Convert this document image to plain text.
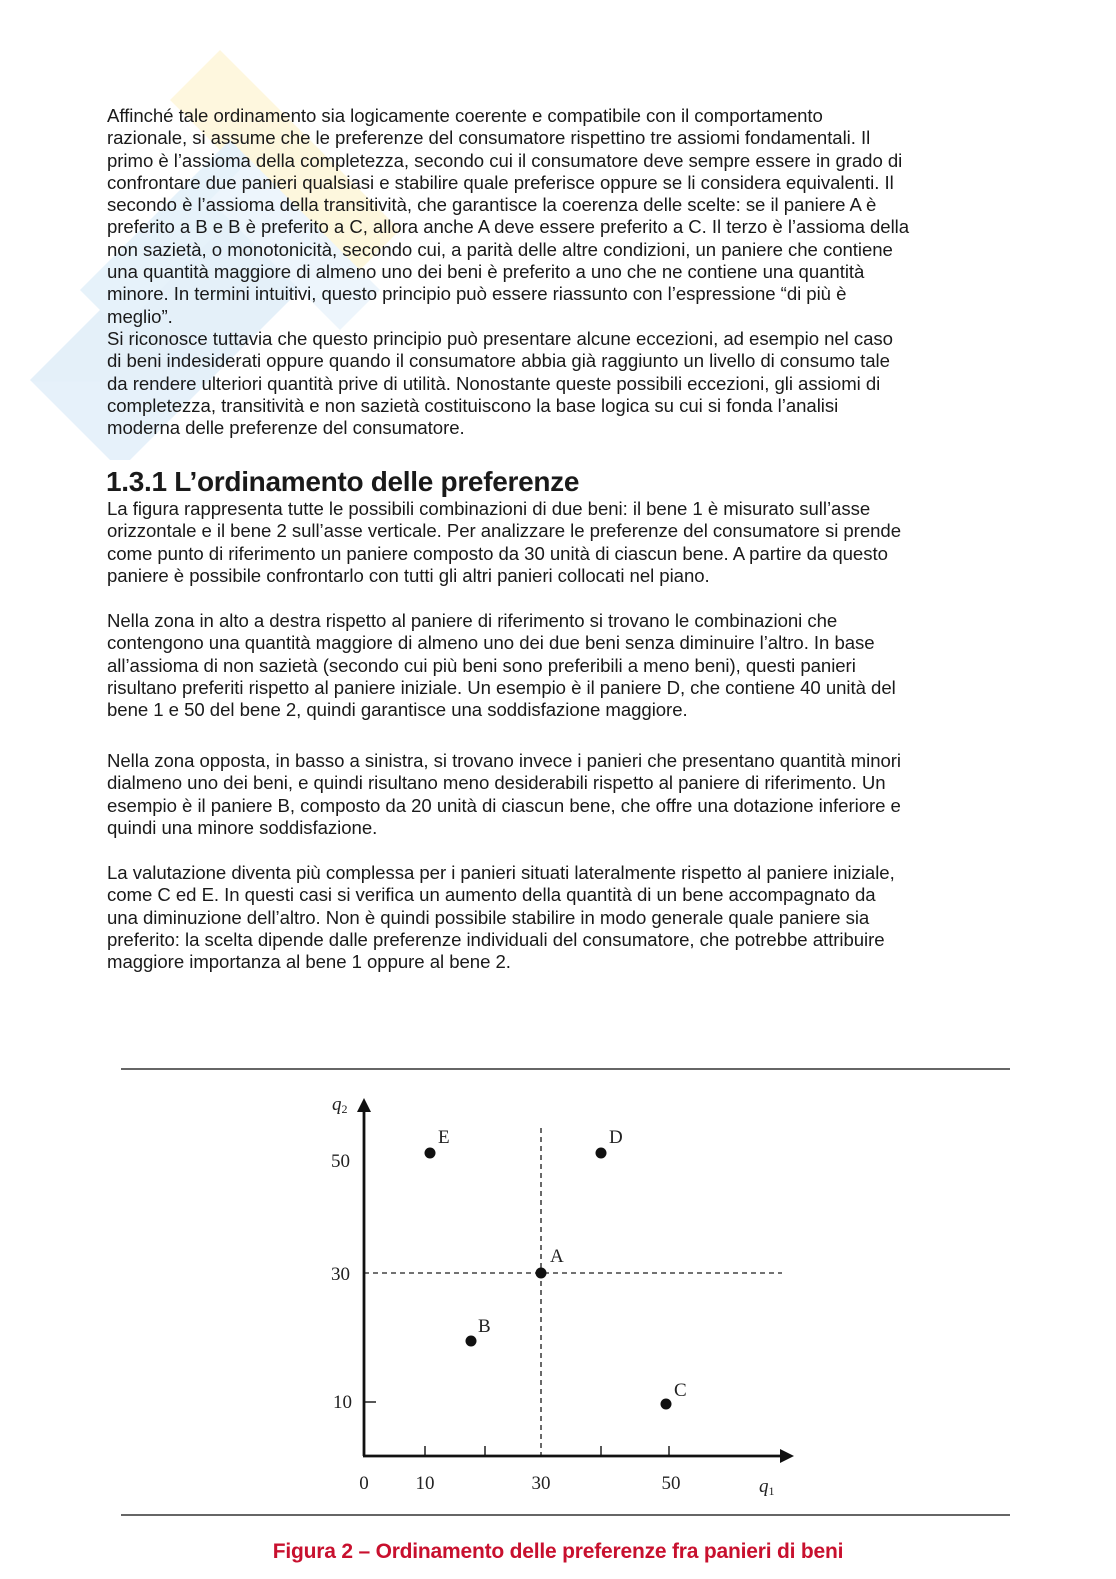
Affinché tale ordinamento sia logicamente coerente e compatibile con il comportamento
razionale, si assume che le preferenze del consumatore rispettino tre assiomi fondamentali. Il
primo è l’assioma della completezza, secondo cui il consumatore deve sempre essere in grado di
confrontare due panieri qualsiasi e stabilire quale preferisce oppure se li considera equivalenti. Il
secondo è l’assioma della transitività, che garantisce la coerenza delle scelte: se il paniere A è
preferito a B e B è preferito a C, allora anche A deve essere preferito a C. Il terzo è l’assioma della
non sazietà, o monotonicità, secondo cui, a parità delle altre condizioni, un paniere che contiene
una quantità maggiore di almeno uno dei beni è preferito a uno che ne contiene una quantità
minore. In termini intuitivi, questo principio può essere riassunto con l’espressione “di più è
meglio”.
Si riconosce tuttavia che questo principio può presentare alcune eccezioni, ad esempio nel caso
di beni indesiderati oppure quando il consumatore abbia già raggiunto un livello di consumo tale
da rendere ulteriori quantità prive di utilità. Nonostante queste possibili eccezioni, gli assiomi di
completezza, transitività e non sazietà costituiscono la base logica su cui si fonda l’analisi
moderna delle preferenze del consumatore.
1.3.1 L’ordinamento delle preferenze
La figura rappresenta tutte le possibili combinazioni di due beni: il bene 1 è misurato sull’asse
orizzontale e il bene 2 sull’asse verticale. Per analizzare le preferenze del consumatore si prende
come punto di riferimento un paniere composto da 30 unità di ciascun bene. A partire da questo
paniere è possibile confrontarlo con tutti gli altri panieri collocati nel piano.
Nella zona in alto a destra rispetto al paniere di riferimento si trovano le combinazioni che
contengono una quantità maggiore di almeno uno dei due beni senza diminuire l’altro. In base
all’assioma di non sazietà (secondo cui più beni sono preferibili a meno beni), questi panieri
risultano preferiti rispetto al paniere iniziale. Un esempio è il paniere D, che contiene 40 unità del
bene 1 e 50 del bene 2, quindi garantisce una soddisfazione maggiore.
Nella zona opposta, in basso a sinistra, si trovano invece i panieri che presentano quantità minori
dialmeno uno dei beni, e quindi risultano meno desiderabili rispetto al paniere di riferimento. Un
esempio è il paniere B, composto da 20 unità di ciascun bene, che offre una dotazione inferiore e
quindi una minore soddisfazione.
La valutazione diventa più complessa per i panieri situati lateralmente rispetto al paniere iniziale,
come C ed E. In questi casi si verifica un aumento della quantità di un bene accompagnato da
una diminuzione dell’altro. Non è quindi possibile stabilire in modo generale quale paniere sia
preferito: la scelta dipende dalle preferenze individuali del consumatore, che potrebbe attribuire
maggiore importanza al bene 1 oppure al bene 2.
50
30
10
0 10	30	50
q2
q1
A
B
C
D
E
Figura 2 – Ordinamento delle preferenze fra panieri di beni
